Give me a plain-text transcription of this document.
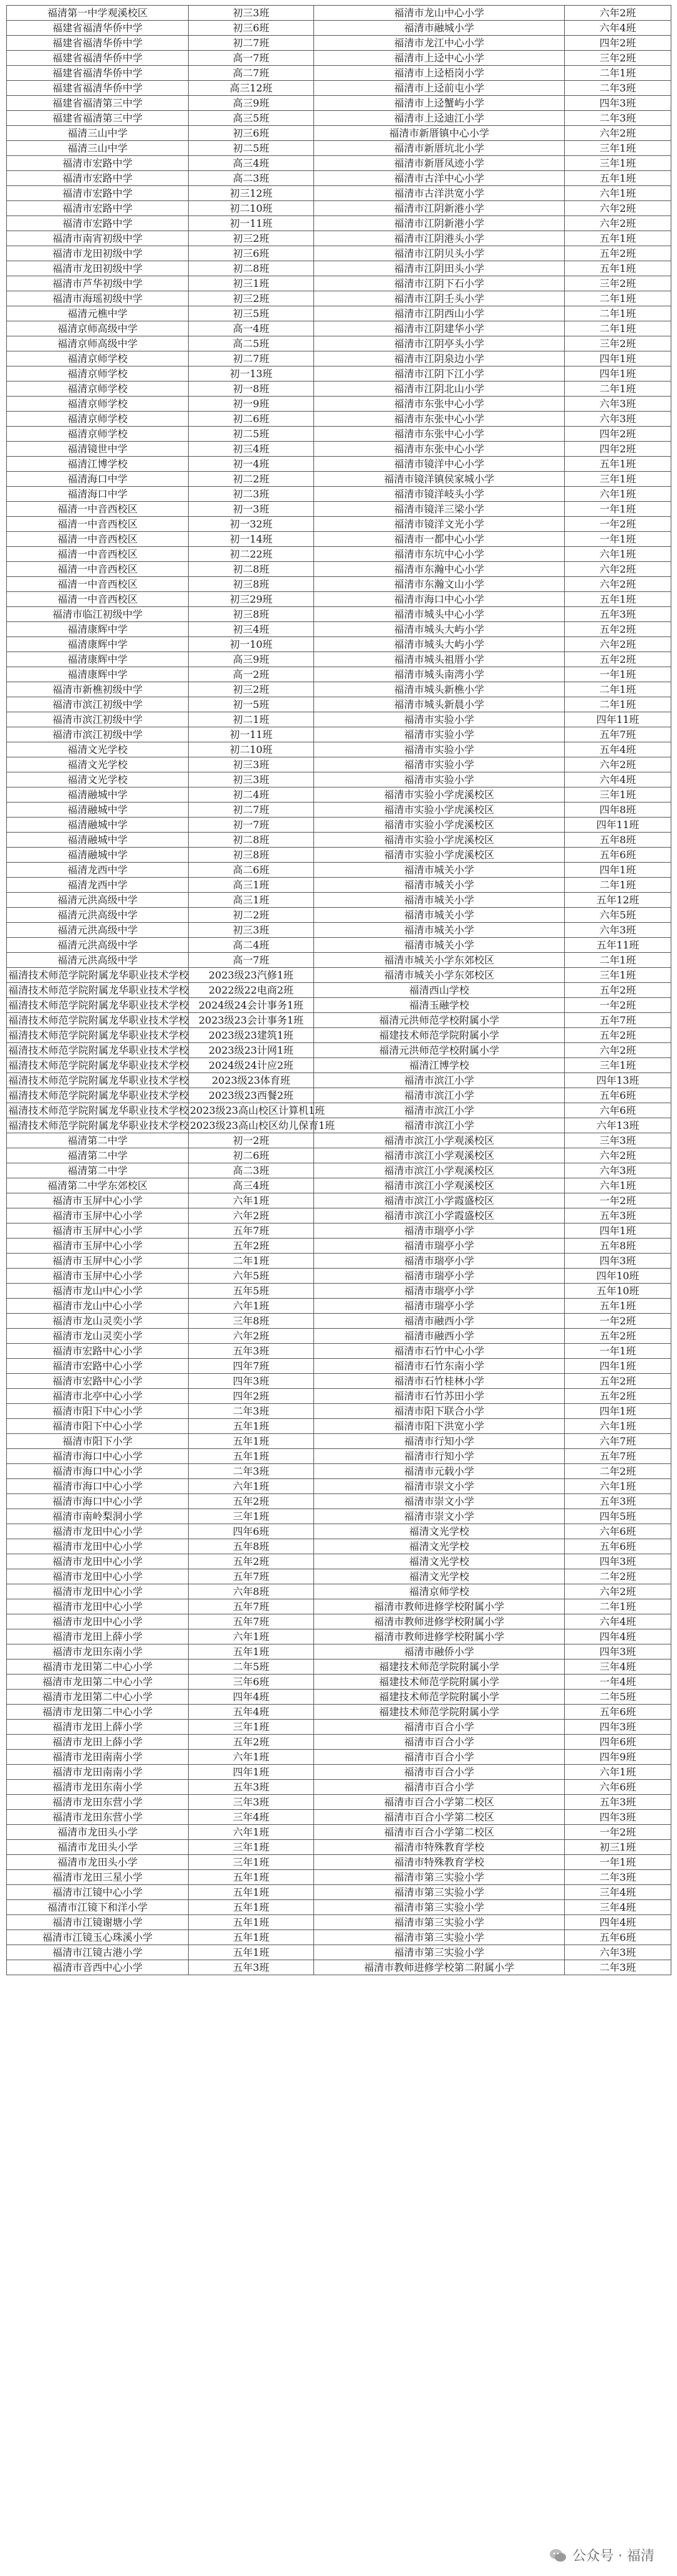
福清第一中学观溪校区	初三3班	福清市龙山中心小学	六年2班
福建省福清华侨中学	初三6班	福清市融城小学	六年4班
福建省福清华侨中学	初二7班	福清市龙江中心小学	四年2班
福建省福清华侨中学	高一7班	福清市上迳中心小学	三年2班
福建省福清华侨中学	高二7班	福清市上迳梧岗小学	二年1班
福建省福清华侨中学	高三12班	福清市上迳前屯小学	二年3班
福建省福清第三中学	高三9班	福清市上迳蟹屿小学	四年3班
福建省福清第三中学	高三5班	福清市上迳迪江小学	二年3班
福清三山中学	初三6班	福清市新厝镇中心小学	六年2班
福清三山中学	初二5班	福清市新厝坑北小学	三年1班
福清市宏路中学	高三4班	福清市新厝凤迹小学	三年1班
福清市宏路中学	高二3班	福清市古洋中心小学	五年1班
福清市宏路中学	初三12班	福清市古洋洪宽小学	六年1班
福清市宏路中学	初二10班	福清市江阴新港小学	六年2班
福清市宏路中学	初一11班	福清市江阴新港小学	六年2班
福清市南宵初级中学	初三2班	福清市江阴港头小学	五年1班
福清市龙田初级中学	初三6班	福清市江阴贝头小学	五年2班
福清市龙田初级中学	初二8班	福清市江阴田头小学	五年1班
福清市芦华初级中学	初三1班	福清市江阴下石小学	三年2班
福清市海瑶初级中学	初三2班	福清市江阴壬头小学	二年1班
福清元樵中学	初三5班	福清市江阴西山小学	二年1班
福清京师高级中学	高一4班	福清市江阴建华小学	二年1班
福清京师高级中学	高二5班	福清市江阴亭头小学	三年2班
福清京师学校	初二7班	福清市江阴泉边小学	四年1班
福清京师学校	初一13班	福清市江阴下江小学	四年1班
福清京师学校	初一8班	福清市江阴北山小学	二年1班
福清京师学校	初一9班	福清市东张中心小学	六年3班
福清京师学校	初二6班	福清市东张中心小学	六年3班
福清京师学校	初二5班	福清市东张中心小学	四年2班
福清镜世中学	初三4班	福清市东张中心小学	四年2班
福清江博学校	初一4班	福清市镜洋中心小学	五年1班
福清海口中学	初二2班	福清市镜洋镇侯家城小学	三年1班
福清海口中学	初二3班	福清市镜洋岐头小学	六年1班
福清一中音西校区	初一3班	福清市镜洋三梁小学	一年1班
福清一中音西校区	初一32班	福清市镜洋文光小学	一年2班
福清一中音西校区	初一14班	福清市一都中心小学	一年1班
福清一中音西校区	初二22班	福清市东坑中心小学	六年1班
福清一中音西校区	初二8班	福清市东瀚中心小学	六年2班
福清一中音西校区	初三8班	福清市东瀚文山小学	六年2班
福清一中音西校区	初三29班	福清市海口中心小学	五年1班
福清市临江初级中学	初三8班	福清市城头中心小学	五年3班
福清康辉中学	初三4班	福清市城头大屿小学	五年2班
福清康辉中学	初一10班	福清市城头大屿小学	六年2班
福清康辉中学	高三9班	福清市城头祖厝小学	五年2班
福清康辉中学	高一2班	福清市城头南湾小学	一年1班
福清市新樵初级中学	初三2班	福清市城头新樵小学	二年1班
福清市滨江初级中学	初一5班	福清市城头新晨小学	二年1班
福清市滨江初级中学	初二1班	福清市实验小学	四年11班
福清市滨江初级中学	初一11班	福清市实验小学	五年7班
福清文光学校	初二10班	福清市实验小学	五年4班
福清文光学校	初三3班	福清市实验小学	六年2班
福清文光学校	初三3班	福清市实验小学	六年4班
福清融城中学	初二4班	福清市实验小学虎溪校区	三年1班
福清融城中学	初二7班	福清市实验小学虎溪校区	四年8班
福清融城中学	初一7班	福清市实验小学虎溪校区	四年11班
福清融城中学	初二8班	福清市实验小学虎溪校区	五年8班
福清融城中学	初三8班	福清市实验小学虎溪校区	五年6班
福清龙西中学	高二6班	福清市城关小学	四年1班
福清龙西中学	高三1班	福清市城关小学	二年1班
福清元洪高级中学	高三1班	福清市城关小学	五年12班
福清元洪高级中学	初二2班	福清市城关小学	六年5班
福清元洪高级中学	初三3班	福清市城关小学	六年3班
福清元洪高级中学	高二4班	福清市城关小学	五年11班
福清元洪高级中学	高一7班	福清市城关小学东郊校区	二年1班
福清技术师范学院附属龙华职业技术学校	2023级23汽修1班	福清市城关小学东郊校区	三年1班
福清技术师范学院附属龙华职业技术学校	2022级22电商2班	福清西山学校	五年2班
福清技术师范学院附属龙华职业技术学校	2024级24会计事务1班	福清玉融学校	一年2班
福清技术师范学院附属龙华职业技术学校	2023级23会计事务1班	福清元洪师范学校附属小学	五年7班
福清技术师范学院附属龙华职业技术学校	2023级23建筑1班	福建技术师范学院附属小学	五年2班
福清技术师范学院附属龙华职业技术学校	2023级23计网1班	福清元洪师范学校附属小学	六年2班
福清技术师范学院附属龙华职业技术学校	2024级24计应2班	福清江博学校	三年1班
福清技术师范学院附属龙华职业技术学校	2023级23体育班	福清市滨江小学	四年13班
福清技术师范学院附属龙华职业技术学校	2023级23西餐2班	福清市滨江小学	五年6班
福清技术师范学院附属龙华职业技术学校	2023级23高山校区计算机1班	福清市滨江小学	六年6班
福清技术师范学院附属龙华职业技术学校	2023级23高山校区幼儿保育1班	福清市滨江小学	六年13班
福清第二中学	初一2班	福清市滨江小学观溪校区	三年3班
福清第二中学	初二6班	福清市滨江小学观溪校区	六年2班
福清第二中学	高二3班	福清市滨江小学观溪校区	六年3班
福清第二中学东郊校区	高三4班	福清市滨江小学观溪校区	六年1班
福清市玉屏中心小学	六年1班	福清市滨江小学霞盛校区	一年2班
福清市玉屏中心小学	六年2班	福清市滨江小学霞盛校区	五年3班
福清市玉屏中心小学	五年7班	福清市瑞亭小学	四年1班
福清市玉屏中心小学	五年2班	福清市瑞亭小学	五年8班
福清市玉屏中心小学	二年1班	福清市瑞亭小学	四年3班
福清市玉屏中心小学	六年5班	福清市瑞亭小学	四年10班
福清市龙山中心小学	五年5班	福清市瑞亭小学	五年10班
福清市龙山中心小学	六年1班	福清市瑞亭小学	五年1班
福清市龙山灵奕小学	三年8班	福清市融西小学	一年2班
福清市龙山灵奕小学	六年2班	福清市融西小学	五年2班
福清市宏路中心小学	五年3班	福清市石竹中心小学	一年1班
福清市宏路中心小学	四年7班	福清市石竹东南小学	四年1班
福清市宏路中心小学	四年3班	福清市石竹桂林小学	五年2班
福清市北亭中心小学	四年2班	福清市石竹苏田小学	五年2班
福清市阳下中心小学	二年3班	福清市阳下联合小学	四年1班
福清市阳下中心小学	五年1班	福清市阳下洪宽小学	六年1班
福清市阳下小学	五年1班	福清市行知小学	六年7班
福清市海口中心小学	五年1班	福清市行知小学	五年7班
福清市海口中心小学	二年3班	福清市元载小学	二年2班
福清市海口中心小学	六年1班	福清市崇文小学	六年1班
福清市海口中心小学	五年2班	福清市崇文小学	五年3班
福清市南岭梨洞小学	三年1班	福清市崇文小学	四年5班
福清市龙田中心小学	四年6班	福清文光学校	六年6班
福清市龙田中心小学	五年8班	福清文光学校	五年6班
福清市龙田中心小学	五年2班	福清文光学校	四年3班
福清市龙田中心小学	五年7班	福清文光学校	二年2班
福清市龙田中心小学	六年8班	福清京师学校	六年2班
福清市龙田中心小学	五年7班	福清市教师进修学校附属小学	二年1班
福清市龙田中心小学	五年7班	福清市教师进修学校附属小学	六年4班
福清市龙田上薛小学	六年1班	福清市教师进修学校附属小学	四年4班
福清市龙田东南小学	五年1班	福清市融侨小学	四年3班
福清市龙田第二中心小学	二年5班	福建技术师范学院附属小学	三年4班
福清市龙田第二中心小学	三年6班	福建技术师范学院附属小学	一年4班
福清市龙田第二中心小学	四年4班	福建技术师范学院附属小学	二年5班
福清市龙田第二中心小学	五年4班	福建技术师范学院附属小学	五年6班
福清市龙田上薛小学	三年1班	福清市百合小学	四年3班
福清市龙田上薛小学	五年2班	福清市百合小学	四年6班
福清市龙田南南小学	六年1班	福清市百合小学	四年9班
福清市龙田南南小学	四年1班	福清市百合小学	六年1班
福清市龙田东南小学	五年3班	福清市百合小学	六年6班
福清市龙田东营小学	三年3班	福清市百合小学第二校区	五年3班
福清市龙田东营小学	三年4班	福清市百合小学第二校区	四年3班
福清市龙田头小学	六年1班	福清市百合小学第二校区	一年2班
福清市龙田头小学	三年1班	福清市特殊教育学校	初三1班
福清市龙田头小学	三年1班	福清市特殊教育学校	一年1班
福清市龙田三星小学	五年1班	福清市第三实验小学	二年3班
福清市江镜中心小学	五年1班	福清市第三实验小学	三年4班
福清市江镜下和洋小学	五年1班	福清市第三实验小学	三年4班
福清市江镜谢塘小学	五年1班	福清市第三实验小学	四年4班
福清市江镜玉心珠溪小学	五年1班	福清市第三实验小学	五年6班
福清市江镜古港小学	五年1班	福清市第三实验小学	六年3班
福清市音西中心小学	五年3班	福清市教师进修学校第二附属小学	二年3班
公众号 · 福清
